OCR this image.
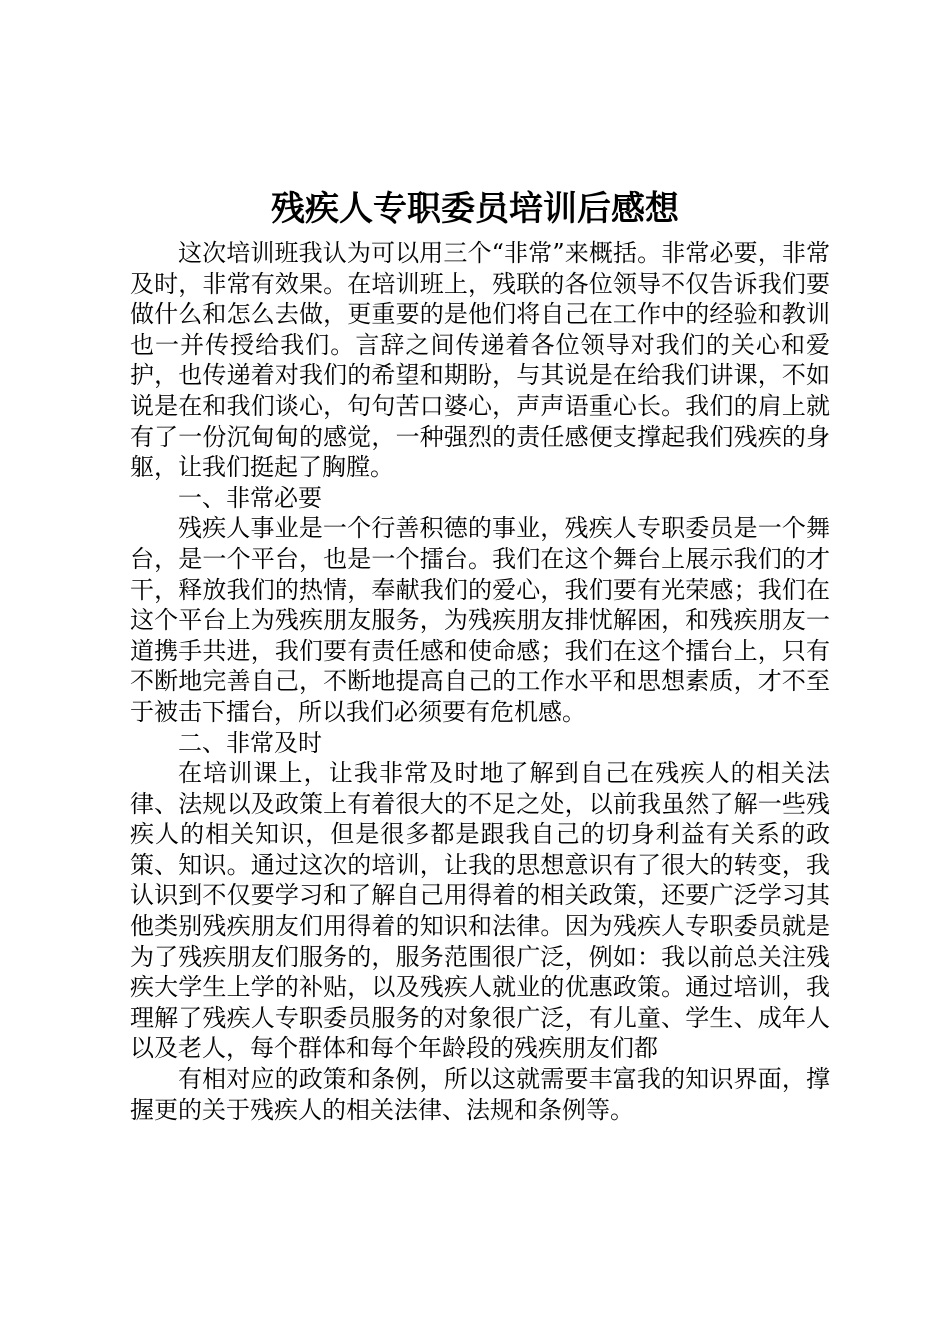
残疾人专职委员培训后感想

这次培训班我认为可以用三个“非常”来概括。非常必要，非常及时，非常有效果。在培训班上，残联的各位领导不仅告诉我们要做什么和怎么去做，更重要的是他们将自己在工作中的经验和教训也一并传授给我们。言辞之间传递着各位领导对我们的关心和爱护，也传递着对我们的希望和期盼，与其说是在给我们讲课，不如说是在和我们谈心，句句苦口婆心，声声语重心长。我们的肩上就有了一份沉甸甸的感觉，一种强烈的责任感便支撑起我们残疾的身躯，让我们挺起了胸膛。

一、非常必要

残疾人事业是一个行善积德的事业，残疾人专职委员是一个舞台，是一个平台，也是一个擂台。我们在这个舞台上展示我们的才干，释放我们的热情，奉献我们的爱心，我们要有光荣感；我们在这个平台上为残疾朋友服务，为残疾朋友排忧解困，和残疾朋友一道携手共进，我们要有责任感和使命感；我们在这个擂台上，只有不断地完善自己，不断地提高自己的工作水平和思想素质，才不至于被击下擂台，所以我们必须要有危机感。

二、非常及时

在培训课上，让我非常及时地了解到自己在残疾人的相关法律、法规以及政策上有着很大的不足之处，以前我虽然了解一些残疾人的相关知识，但是很多都是跟我自己的切身利益有关系的政策、知识。通过这次的培训，让我的思想意识有了很大的转变，我认识到不仅要学习和了解自己用得着的相关政策，还要广泛学习其他类别残疾朋友们用得着的知识和法律。因为残疾人专职委员就是为了残疾朋友们服务的，服务范围很广泛，例如：我以前总关注残疾大学生上学的补贴，以及残疾人就业的优惠政策。通过培训，我理解了残疾人专职委员服务的对象很广泛，有儿童、学生、成年人以及老人，每个群体和每个年龄段的残疾朋友们都

有相对应的政策和条例，所以这就需要丰富我的知识界面，撑握更的关于残疾人的相关法律、法规和条例等。
